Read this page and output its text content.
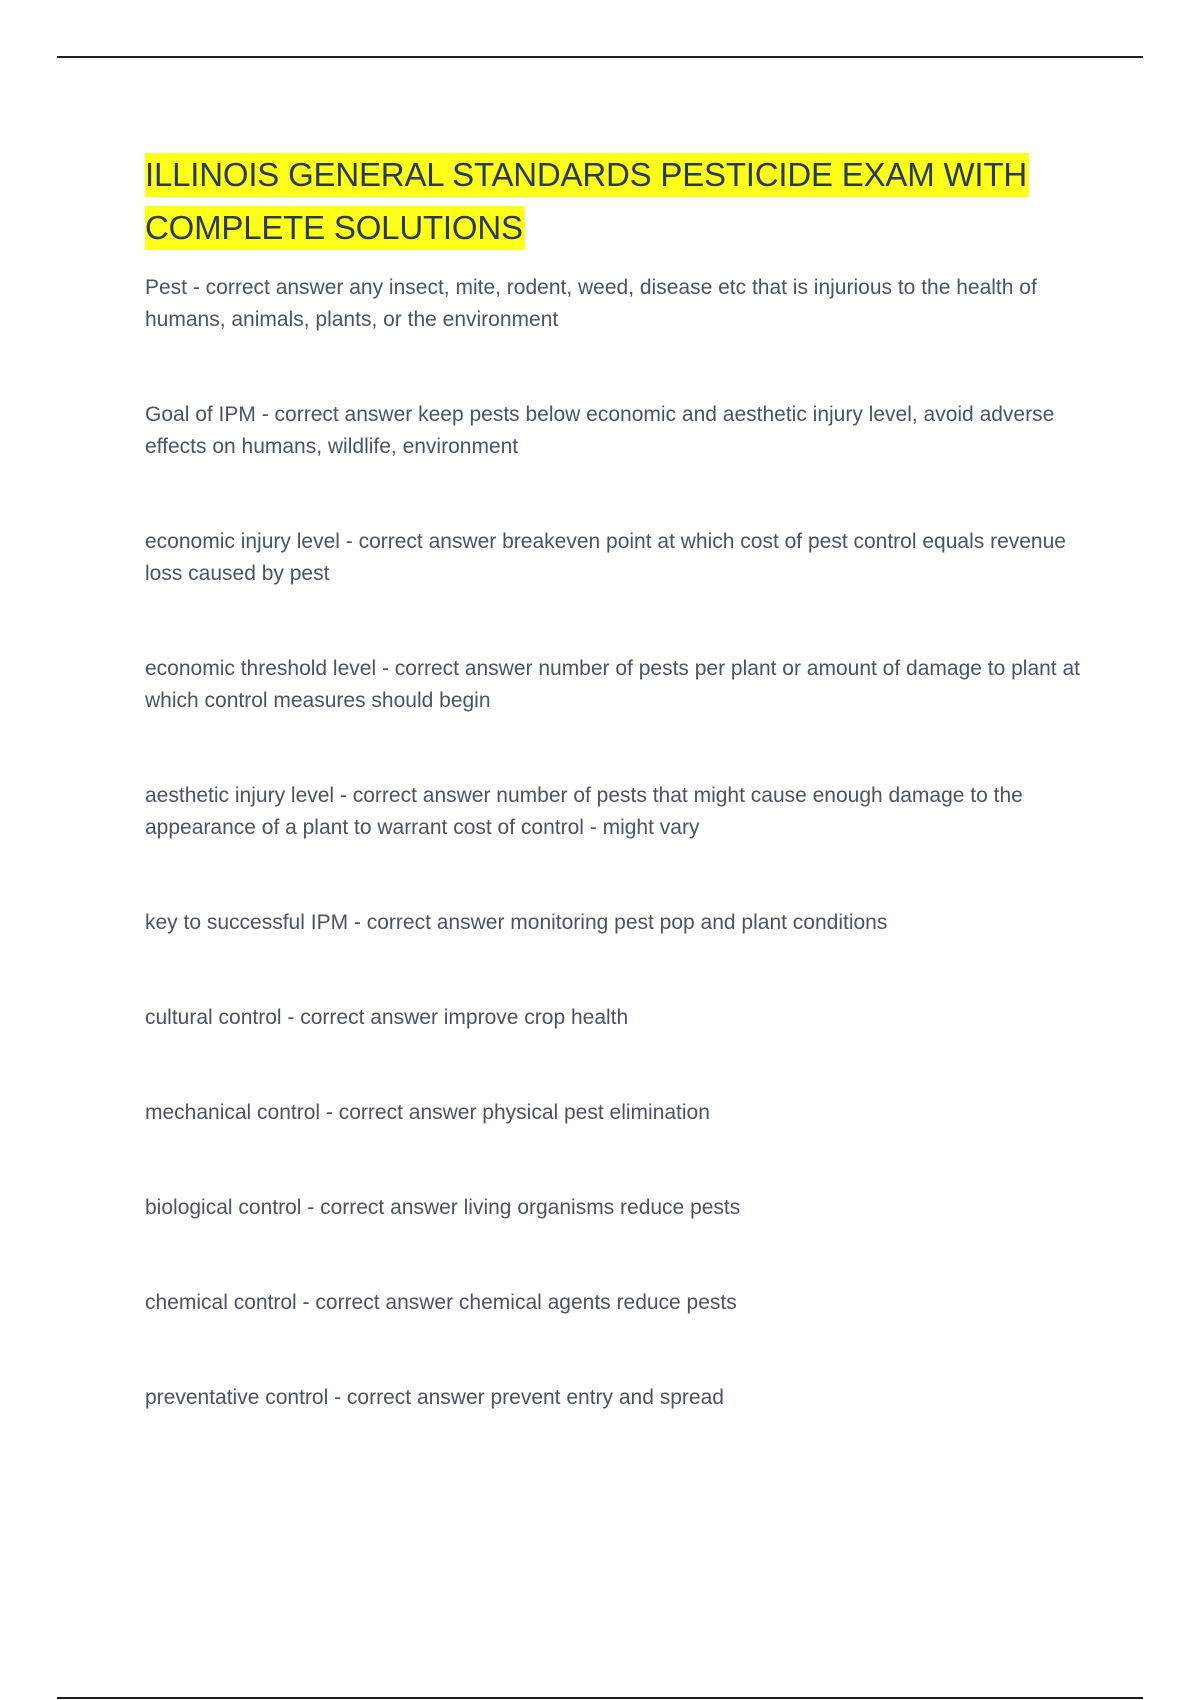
ILLINOIS GENERAL STANDARDS PESTICIDE EXAM WITH COMPLETE SOLUTIONS

Pest - correct answer any insect, mite, rodent, weed, disease etc that is injurious to the health of humans, animals, plants, or the environment

Goal of IPM - correct answer keep pests below economic and aesthetic injury level, avoid adverse effects on humans, wildlife, environment

economic injury level - correct answer breakeven point at which cost of pest control equals revenue loss caused by pest

economic threshold level - correct answer number of pests per plant or amount of damage to plant at which control measures should begin

aesthetic injury level - correct answer number of pests that might cause enough damage to the appearance of a plant to warrant cost of control - might vary

key to successful IPM - correct answer monitoring pest pop and plant conditions

cultural control - correct answer improve crop health

mechanical control - correct answer physical pest elimination

biological control - correct answer living organisms reduce pests

chemical control - correct answer chemical agents reduce pests

preventative control - correct answer prevent entry and spread
